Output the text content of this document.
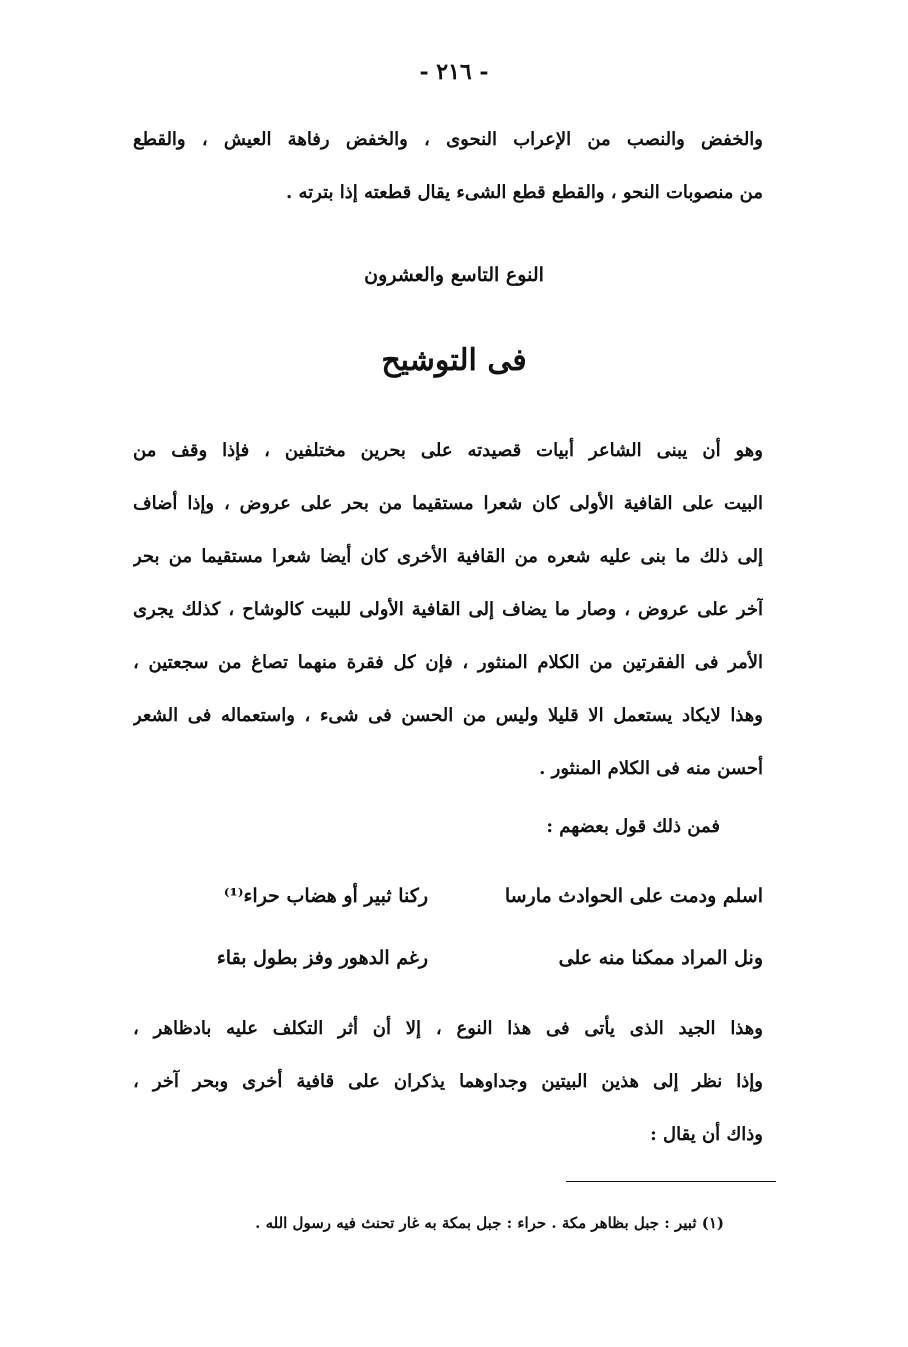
- ٢١٦ -
والخفض والنصب من الإعراب النحوى ، والخفض رفاهة العيش ، والقطع
من منصوبات النحو ، والقطع قطع الشىء يقال قطعته إذا بترته .
النوع التاسع والعشرون
فى التوشيح
وهو أن يبنى الشاعر أبيات قصيدته على بحرين مختلفين ، فإذا وقف من
البيت على القافية الأولى كان شعرا مستقيما من بحر على عروض ، وإذا أضاف
إلى ذلك ما بنى عليه شعره من القافية الأخرى كان أيضا شعرا مستقيما من بحر
آخر على عروض ، وصار ما يضاف إلى القافية الأولى للبيت كالوشاح ، كذلك يجرى
الأمر فى الفقرتين من الكلام المنثور ، فإن كل فقرة منهما تصاغ من سجعتين ،
وهذا لايكاد يستعمل الا قليلا وليس من الحسن فى شىء ، واستعماله فى الشعر
أحسن منه فى الكلام المنثور .
فمن ذلك قول بعضهم :
اسلم ودمت على الحوادث مارسا
ركنا ثبير أو هضاب حراء⁽¹⁾
ونل المراد ممكنا منه على
رغم الدهور وفز بطول بقاء
وهذا الجيد الذى يأتى فى هذا النوع ، إلا أن أثر التكلف عليه بادظاهر ،
وإذا نظر إلى هذين البيتين وجداوهما يذكران على قافية أخرى وبحر آخر ،
وذاك أن يقال :
(١) ثبير : جبل بظاهر مكة . حراء : جبل بمكة به غار تحنث فيه رسول الله .
